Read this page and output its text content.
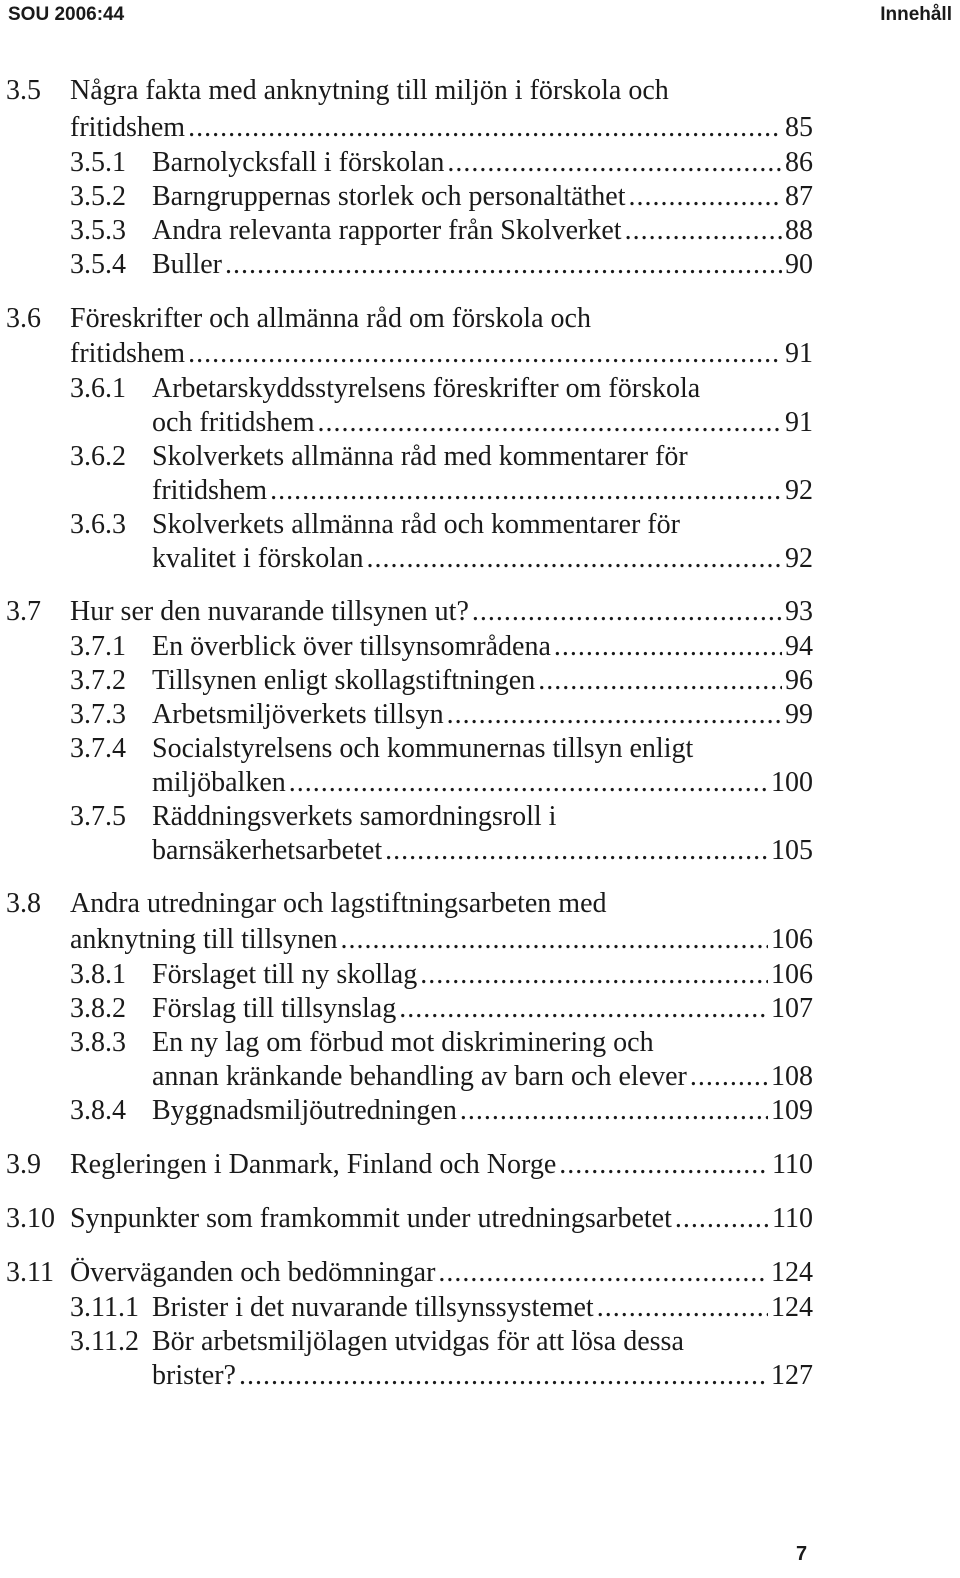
SOU 2006:44	Innehåll
3.5 Några fakta med anknytning till miljön i förskola och
fritidshem .....	85
3.5.1 Barnolycksfall i förskolan .....	86
3.5.2 Barngruppernas storlek och personaltäthet .....	87
3.5.3 Andra relevanta rapporter från Skolverket .....	88
3.5.4 Buller .....	90
3.6 Föreskrifter och allmänna råd om förskola och
fritidshem .....	91
3.6.1 Arbetarskyddsstyrelsens föreskrifter om förskola
och fritidshem .....	91
3.6.2 Skolverkets allmänna råd med kommentarer för
fritidshem .....	92
3.6.3 Skolverkets allmänna råd och kommentarer för
kvalitet i förskolan .....	92
3.7 Hur ser den nuvarande tillsynen ut? .....	93
3.7.1 En överblick över tillsynsområdena .....	94
3.7.2 Tillsynen enligt skollagstiftningen .....	96
3.7.3 Arbetsmiljöverkets tillsyn .....	99
3.7.4 Socialstyrelsens och kommunernas tillsyn enligt
miljöbalken .....	100
3.7.5 Räddningsverkets samordningsroll i
barnsäkerhetsarbetet .....	105
3.8 Andra utredningar och lagstiftningsarbeten med
anknytning till tillsynen .....	106
3.8.1 Förslaget till ny skollag .....	106
3.8.2 Förslag till tillsynslag .....	107
3.8.3 En ny lag om förbud mot diskriminering och
annan kränkande behandling av barn och elever .....	108
3.8.4 Byggnadsmiljöutredningen .....	109
3.9 Regleringen i Danmark, Finland och Norge .....	110
3.10 Synpunkter som framkommit under utredningsarbetet .....	110
3.11 Överväganden och bedömningar .....	124
3.11.1 Brister i det nuvarande tillsynssystemet .....	124
3.11.2 Bör arbetsmiljölagen utvidgas för att lösa dessa
brister? .....	127
7
